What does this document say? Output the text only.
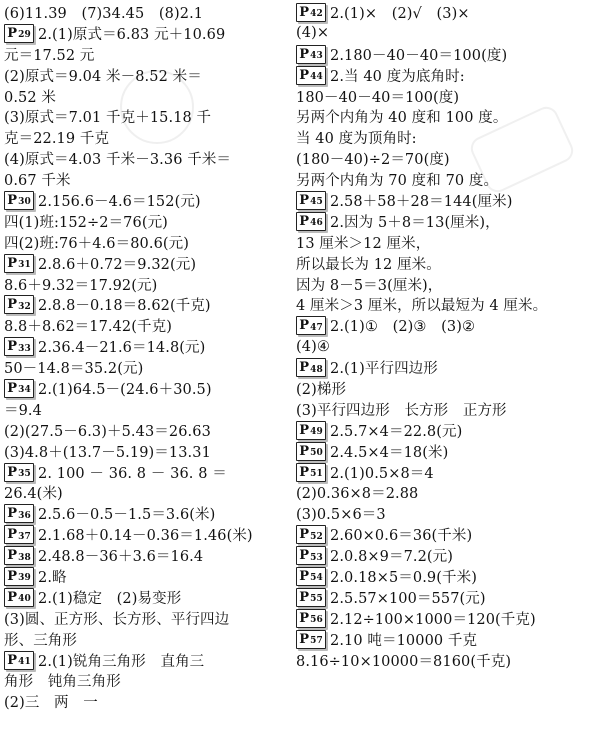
(6)11.39　(7)34.45　(8)2.1
$P_{29}$ 2.(1)原式＝6.83 元＋10.69
元＝17.52 元
(2)原式＝9.04 米－8.52 米＝
0.52 米
(3)原式＝7.01 千克＋15.18 千
克＝22.19 千克
(4)原式＝4.03 千米－3.36 千米＝
0.67 千米
$P_{30}$ 2.156.6－4.6＝152(元)
四(1)班:152÷2＝76(元)
四(2)班:76＋4.6＝80.6(元)
$P_{31}$ 2.8.6＋0.72＝9.32(元)
8.6＋9.32＝17.92(元)
$P_{32}$ 2.8.8－0.18＝8.62(千克)
8.8＋8.62＝17.42(千克)
$P_{33}$ 2.36.4－21.6＝14.8(元)
50－14.8＝35.2(元)
$P_{34}$ 2.(1)64.5－(24.6＋30.5)
＝9.4
(2)(27.5－6.3)＋5.43＝26.63
(3)4.8＋(13.7－5.19)＝13.31
$P_{35}$ 2. 100 － 36. 8 － 36. 8 ＝
26.4(米)
$P_{36}$ 2.5.6－0.5－1.5＝3.6(米)
$P_{37}$ 2.1.68＋0.14－0.36＝1.46(米)
$P_{38}$ 2.48.8－36＋3.6＝16.4
$P_{39}$ 2.略
$P_{40}$ 2.(1)稳定　(2)易变形
(3)圆、正方形、长方形、平行四边
形、三角形
$P_{41}$ 2.(1)锐角三角形　直角三
角形　钝角三角形
(2)三　两　一
$P_{42}$ 2.(1)×　(2)√　(3)×
(4)×
$P_{43}$ 2.180－40－40＝100(度)
$P_{44}$ 2.当 40 度为底角时:
180－40－40＝100(度)
另两个内角为 40 度和 100 度。
当 40 度为顶角时:
(180－40)÷2＝70(度)
另两个内角为 70 度和 70 度。
$P_{45}$ 2.58＋58＋28＝144(厘米)
$P_{46}$ 2.因为 5＋8＝13(厘米)，
13 厘米＞12 厘米，
所以最长为 12 厘米。
因为 8－5＝3(厘米)，
4 厘米＞3 厘米，所以最短为 4 厘米。
$P_{47}$ 2.(1)①　(2)③　(3)②
(4)④
$P_{48}$ 2.(1)平行四边形
(2)梯形
(3)平行四边形　长方形　正方形
$P_{49}$ 2.5.7×4＝22.8(元)
$P_{50}$ 2.4.5×4＝18(米)
$P_{51}$ 2.(1)0.5×8＝4
(2)0.36×8＝2.88
(3)0.5×6＝3
$P_{52}$ 2.60×0.6＝36(千米)
$P_{53}$ 2.0.8×9＝7.2(元)
$P_{54}$ 2.0.18×5＝0.9(千米)
$P_{55}$ 2.5.57×100＝557(元)
$P_{56}$ 2.12÷100×1000＝120(千克)
$P_{57}$ 2.10 吨＝10000 千克
8.16÷10×10000＝8160(千克)
